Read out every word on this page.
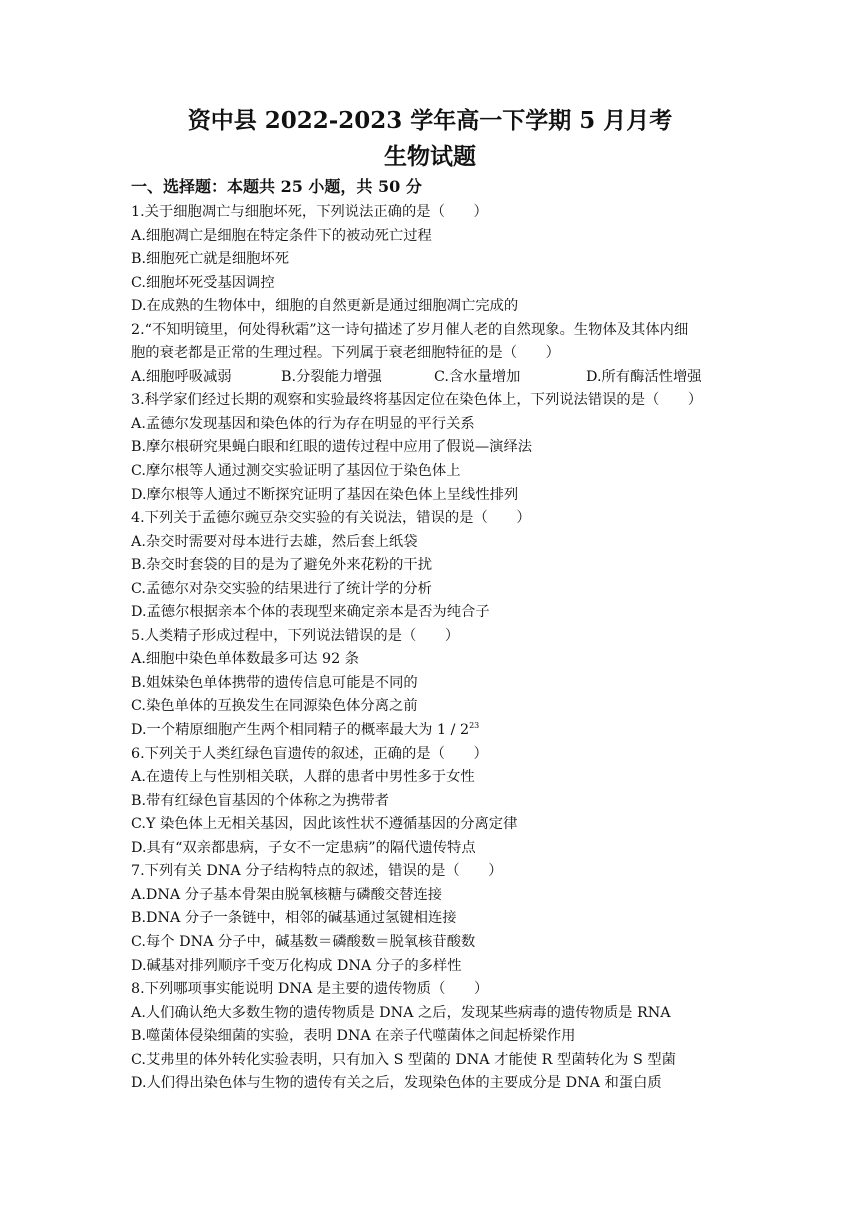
资中县 2022-2023 学年高一下学期 5 月月考
生物试题
一、选择题：本题共 25 小题，共 50 分
1.关于细胞凋亡与细胞坏死，下列说法正确的是（　　）
A.细胞凋亡是细胞在特定条件下的被动死亡过程
B.细胞死亡就是细胞坏死
C.细胞坏死受基因调控
D.在成熟的生物体中，细胞的自然更新是通过细胞凋亡完成的
2.“不知明镜里，何处得秋霜”这一诗句描述了岁月催人老的自然现象。生物体及其体内细
胞的衰老都是正常的生理过程。下列属于衰老细胞特征的是（　　）
A.细胞呼吸减弱	B.分裂能力增强	C.含水量增加	D.所有酶活性增强
3.科学家们经过长期的观察和实验最终将基因定位在染色体上，下列说法错误的是（　　）
A.孟德尔发现基因和染色体的行为存在明显的平行关系
B.摩尔根研究果蝇白眼和红眼的遗传过程中应用了假说—演绎法
C.摩尔根等人通过测交实验证明了基因位于染色体上
D.摩尔根等人通过不断探究证明了基因在染色体上呈线性排列
4.下列关于孟德尔豌豆杂交实验的有关说法，错误的是（　　）
A.杂交时需要对母本进行去雄，然后套上纸袋
B.杂交时套袋的目的是为了避免外来花粉的干扰
C.孟德尔对杂交实验的结果进行了统计学的分析
D.孟德尔根据亲本个体的表现型来确定亲本是否为纯合子
5.人类精子形成过程中，下列说法错误的是（　　）
A.细胞中染色单体数最多可达 92 条
B.姐妹染色单体携带的遗传信息可能是不同的
C.染色单体的互换发生在同源染色体分离之前
D.一个精原细胞产生两个相同精子的概率最大为 $1 / 2^{23}$
6.下列关于人类红绿色盲遗传的叙述，正确的是（　　）
A.在遗传上与性别相关联，人群的患者中男性多于女性
B.带有红绿色盲基因的个体称之为携带者
C.Y 染色体上无相关基因，因此该性状不遵循基因的分离定律
D.具有“双亲都患病，子女不一定患病”的隔代遗传特点
7.下列有关 DNA 分子结构特点的叙述，错误的是（　　）
A.DNA 分子基本骨架由脱氧核糖与磷酸交替连接
B.DNA 分子一条链中，相邻的碱基通过氢键相连接
C.每个 DNA 分子中，碱基数＝磷酸数＝脱氧核苷酸数
D.碱基对排列顺序千变万化构成 DNA 分子的多样性
8.下列哪项事实能说明 DNA 是主要的遗传物质（　　）
A.人们确认绝大多数生物的遗传物质是 DNA 之后，发现某些病毒的遗传物质是 RNA
B.噬菌体侵染细菌的实验，表明 DNA 在亲子代噬菌体之间起桥梁作用
C.艾弗里的体外转化实验表明，只有加入 S 型菌的 DNA 才能使 R 型菌转化为 S 型菌
D.人们得出染色体与生物的遗传有关之后，发现染色体的主要成分是 DNA 和蛋白质
